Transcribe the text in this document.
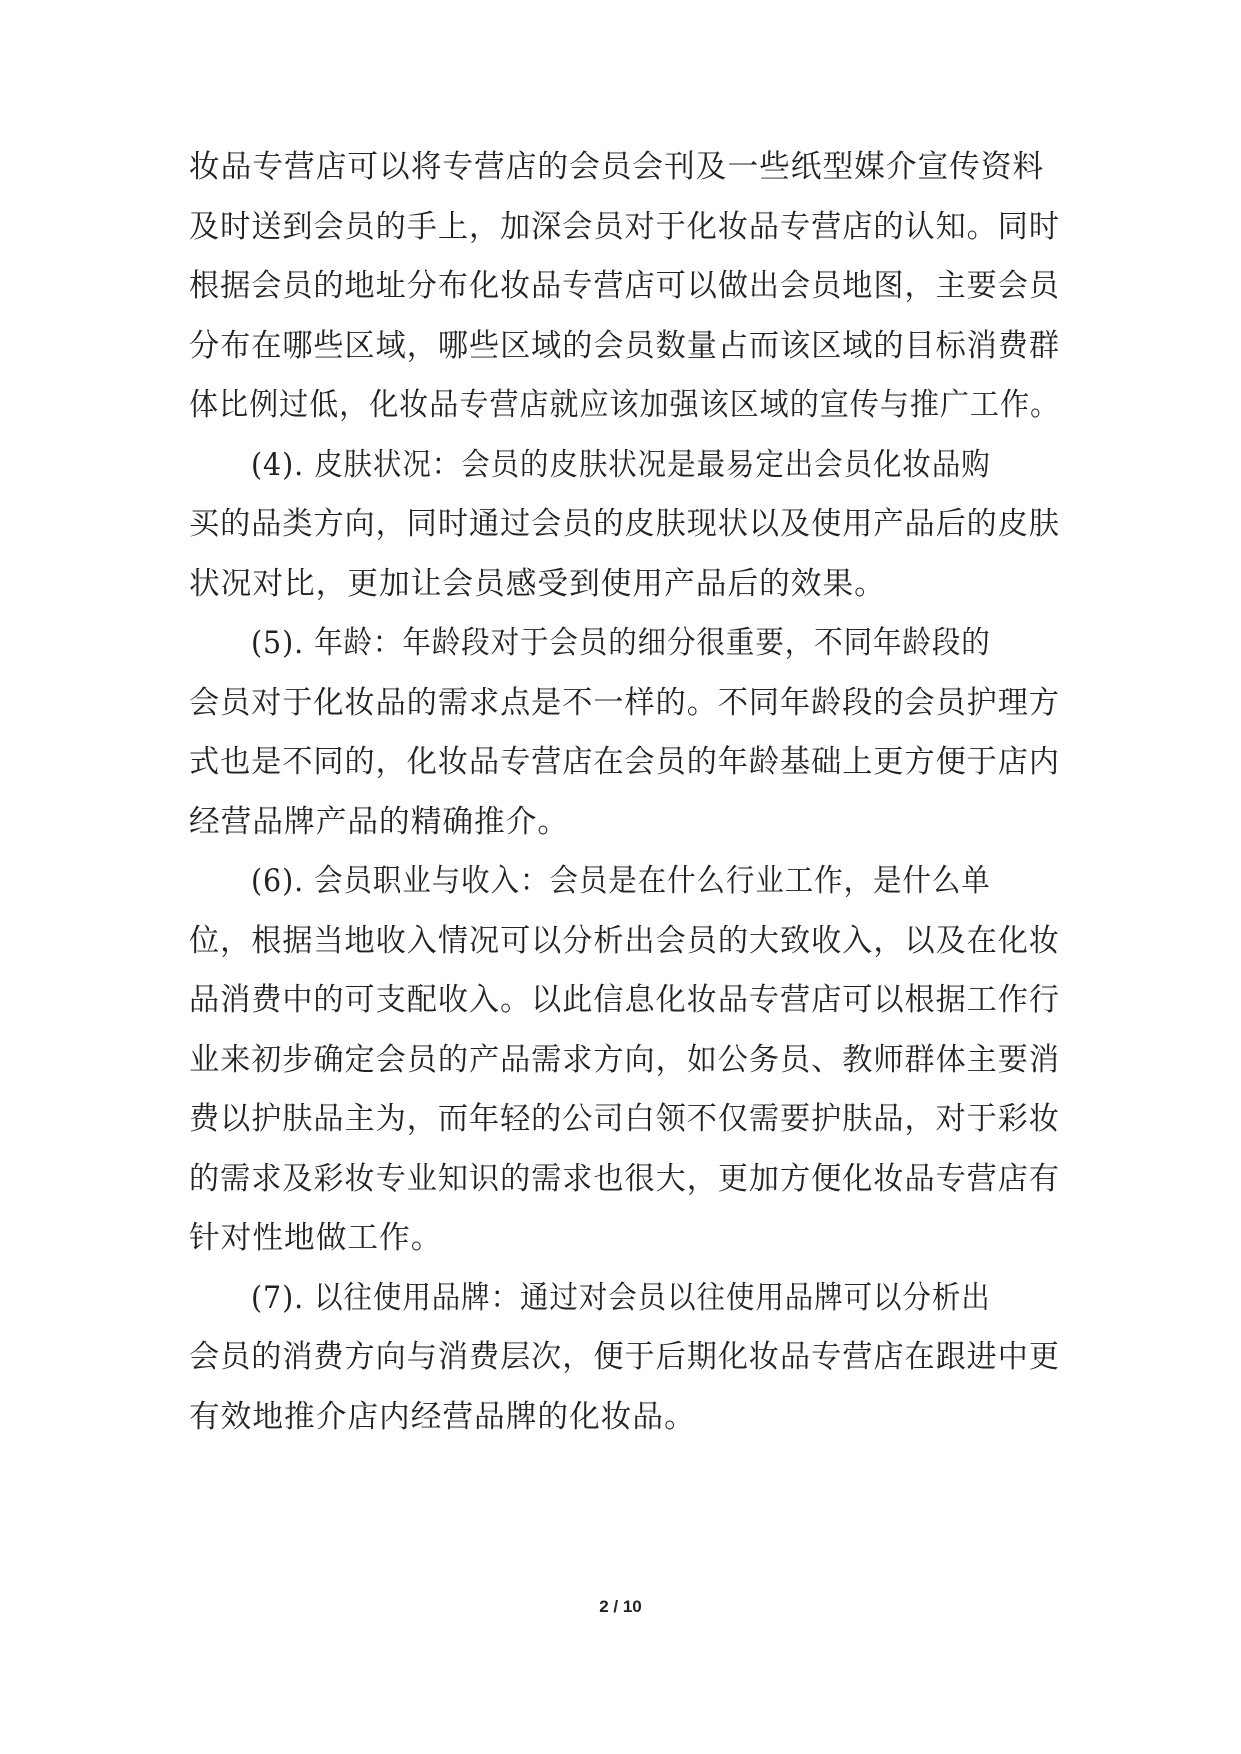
妆品专营店可以将专营店的会员会刊及一些纸型媒介宣传资料
及时送到会员的手上，加深会员对于化妆品专营店的认知。同时
根据会员的地址分布化妆品专营店可以做出会员地图，主要会员
分布在哪些区域，哪些区域的会员数量占而该区域的目标消费群
体比例过低，化妆品专营店就应该加强该区域的宣传与推广工作。
(4). 皮肤状况：会员的皮肤状况是最易定出会员化妆品购
买的品类方向，同时通过会员的皮肤现状以及使用产品后的皮肤
状况对比，更加让会员感受到使用产品后的效果。
(5). 年龄：年龄段对于会员的细分很重要，不同年龄段的
会员对于化妆品的需求点是不一样的。不同年龄段的会员护理方
式也是不同的，化妆品专营店在会员的年龄基础上更方便于店内
经营品牌产品的精确推介。
(6). 会员职业与收入：会员是在什么行业工作，是什么单
位，根据当地收入情况可以分析出会员的大致收入，以及在化妆
品消费中的可支配收入。以此信息化妆品专营店可以根据工作行
业来初步确定会员的产品需求方向，如公务员、教师群体主要消
费以护肤品主为，而年轻的公司白领不仅需要护肤品，对于彩妆
的需求及彩妆专业知识的需求也很大，更加方便化妆品专营店有
针对性地做工作。
(7). 以往使用品牌：通过对会员以往使用品牌可以分析出
会员的消费方向与消费层次，便于后期化妆品专营店在跟进中更
有效地推介店内经营品牌的化妆品。
2 / 10
